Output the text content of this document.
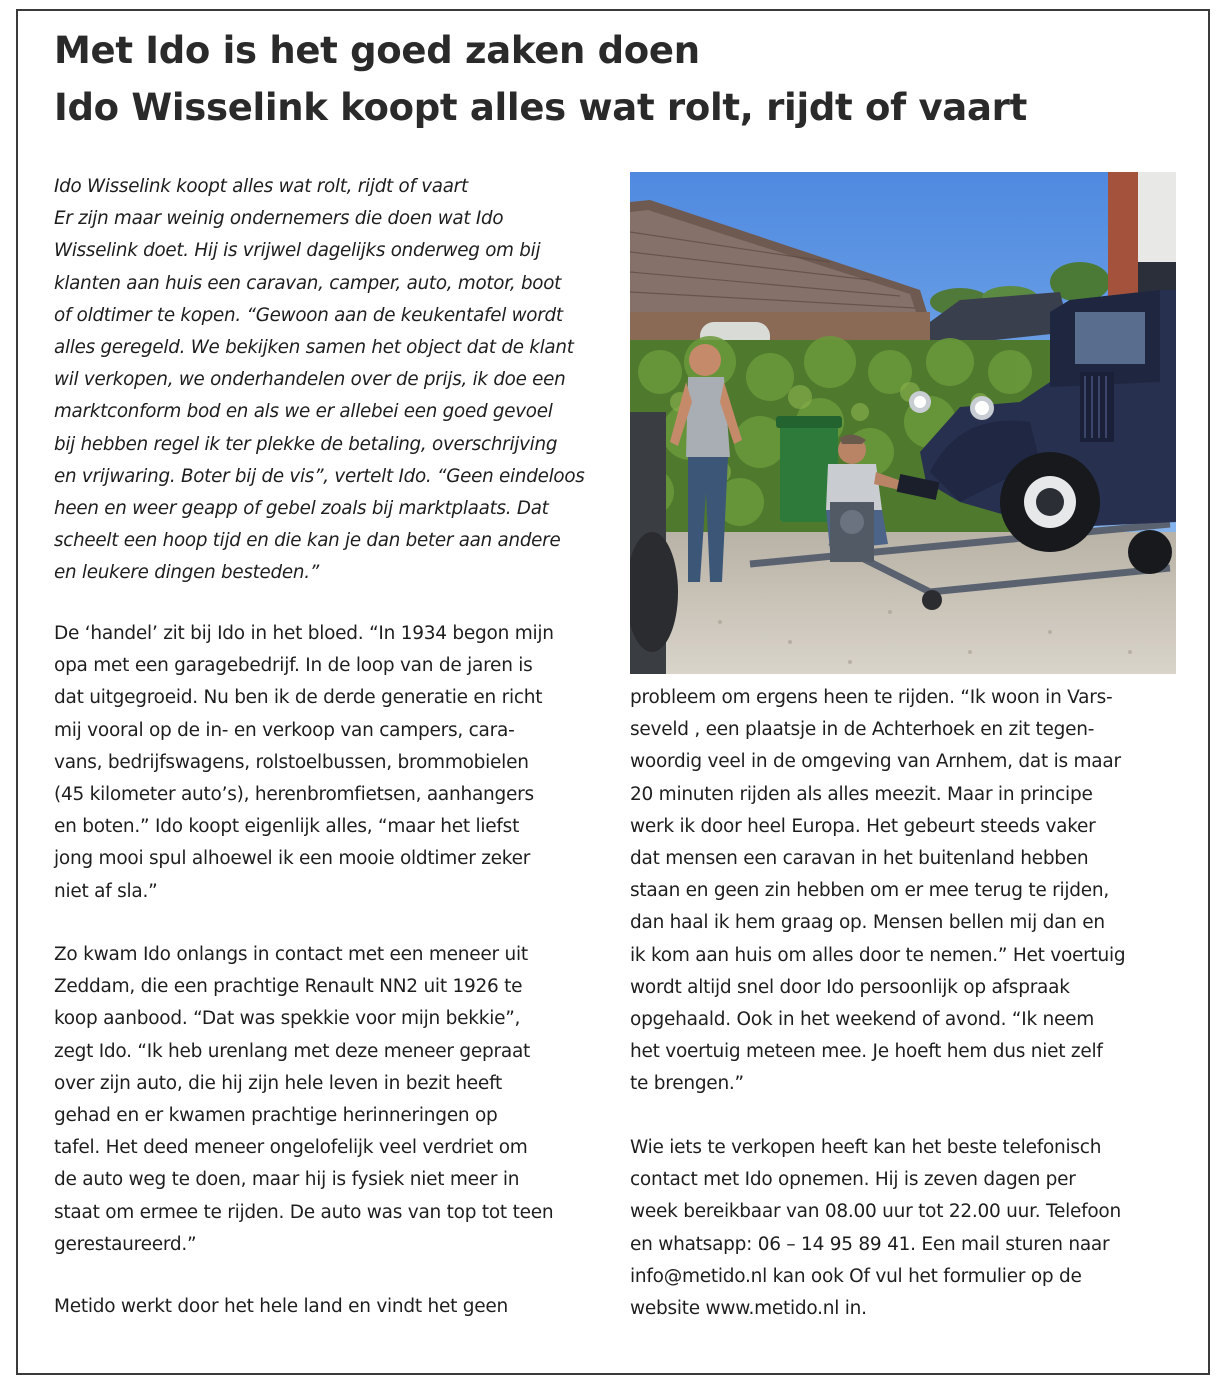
Met Ido is het goed zaken doen
Ido Wisselink koopt alles wat rolt, rijdt of vaart

Ido Wisselink koopt alles wat rolt, rijdt of vaart
Er zijn maar weinig ondernemers die doen wat Ido
Wisselink doet. Hij is vrijwel dagelijks onderweg om bij
klanten aan huis een caravan, camper, auto, motor, boot
of oldtimer te kopen. “Gewoon aan de keukentafel wordt
alles geregeld. We bekijken samen het object dat de klant
wil verkopen, we onderhandelen over de prijs, ik doe een
marktconform bod en als we er allebei een goed gevoel
bij hebben regel ik ter plekke de betaling, overschrijving
en vrijwaring. Boter bij de vis”, vertelt Ido. “Geen eindeloos
heen en weer geapp of gebel zoals bij marktplaats. Dat
scheelt een hoop tijd en die kan je dan beter aan andere
en leukere dingen besteden.”

De ‘handel’ zit bij Ido in het bloed. “In 1934 begon mijn
opa met een garagebedrijf. In de loop van de jaren is
dat uitgegroeid. Nu ben ik de derde generatie en richt
mij vooral op de in- en verkoop van campers, cara-
vans, bedrijfswagens, rolstoelbussen, brommobielen
(45 kilometer auto’s), herenbromfietsen, aanhangers
en boten.” Ido koopt eigenlijk alles, “maar het liefst
jong mooi spul alhoewel ik een mooie oldtimer zeker
niet af sla.”

Zo kwam Ido onlangs in contact met een meneer uit
Zeddam, die een prachtige Renault NN2 uit 1926 te
koop aanbood. “Dat was spekkie voor mijn bekkie”,
zegt Ido. “Ik heb urenlang met deze meneer gepraat
over zijn auto, die hij zijn hele leven in bezit heeft
gehad en er kwamen prachtige herinneringen op
tafel. Het deed meneer ongelofelijk veel verdriet om
de auto weg te doen, maar hij is fysiek niet meer in
staat om ermee te rijden. De auto was van top tot teen
gerestaureerd.”

Metido werkt door het hele land en vindt het geen

probleem om ergens heen te rijden. “Ik woon in Vars-
seveld , een plaatsje in de Achterhoek en zit tegen-
woordig veel in de omgeving van Arnhem, dat is maar
20 minuten rijden als alles meezit. Maar in principe
werk ik door heel Europa. Het gebeurt steeds vaker
dat mensen een caravan in het buitenland hebben
staan en geen zin hebben om er mee terug te rijden,
dan haal ik hem graag op. Mensen bellen mij dan en
ik kom aan huis om alles door te nemen.” Het voertuig
wordt altijd snel door Ido persoonlijk op afspraak
opgehaald. Ook in het weekend of avond. “Ik neem
het voertuig meteen mee. Je hoeft hem dus niet zelf
te brengen.”

Wie iets te verkopen heeft kan het beste telefonisch
contact met Ido opnemen. Hij is zeven dagen per
week bereikbaar van 08.00 uur tot 22.00 uur. Telefoon
en whatsapp: 06 – 14 95 89 41. Een mail sturen naar
info@metido.nl kan ook Of vul het formulier op de
website www.metido.nl in.
